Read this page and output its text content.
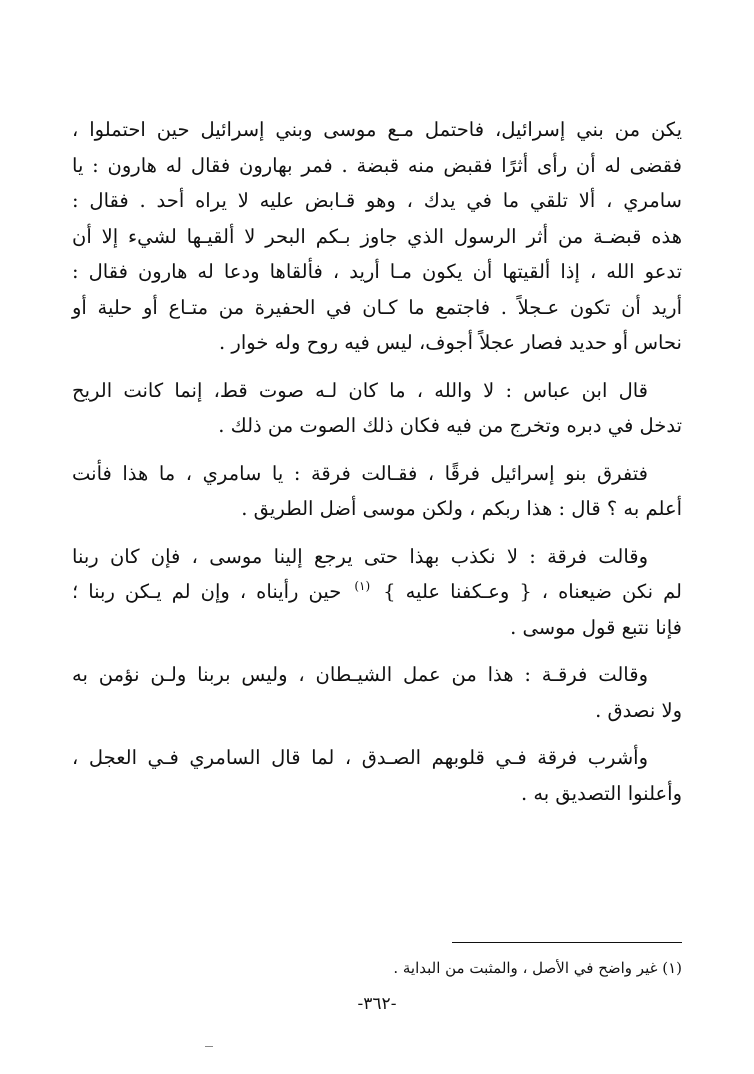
يكن من بني إسرائيل، فاحتمل مـع موسى وبني إسرائيل حين احتملوا ،
فقضى له أن رأى أثرًا فقبض منه قبضة . فمر بهارون فقال له هارون : يا
سامري ، ألا تلقي ما في يدك ، وهو قـابض عليه لا يراه أحد . فقال :
هذه قبضـة من أثر الرسول الذي جاوز بـكم البحر لا ألقيـها لشيء إلا أن
تدعو الله ، إذا ألقيتها أن يكون مـا أريد ، فألقاها ودعا له هارون فقال :
أريد أن تكون عـجلاً . فاجتمع ما كـان في الحفيرة من متـاع أو حلية أو
نحاس أو حديد فصار عجلاً أجوف، ليس فيه روح وله خوار .
قال ابن عباس : لا والله ، ما كان لـه صوت قط، إنما كانت الريح
تدخل في دبره وتخرج من فيه فكان ذلك الصوت من ذلك .
فتفرق بنو إسرائيل فرقًا ، فقـالت فرقة : يا سامري ، ما هذا فأنت
أعلم به ؟ قال : هذا ربكم ، ولكن موسى أضل الطريق .
وقالت فرقة : لا نكذب بهذا حتى يرجع إلينا موسى ، فإن كان ربنا
لم نكن ضيعناه ، { وعـكفنا عليه } $^{(١)}$ حين رأيناه ، وإن لم يـكن ربنا ؛
فإنا نتبع قول موسى .
وقالت فرقـة : هذا من عمل الشيـطان ، وليس بربنا ولـن نؤمن به
ولا نصدق .
وأشرب فرقة فـي قلوبهم الصـدق ، لما قال السامري فـي العجل ،
وأعلنوا التصديق به .
(١) غير واضح في الأصل ، والمثبت من البداية .
-٣٦٢-
